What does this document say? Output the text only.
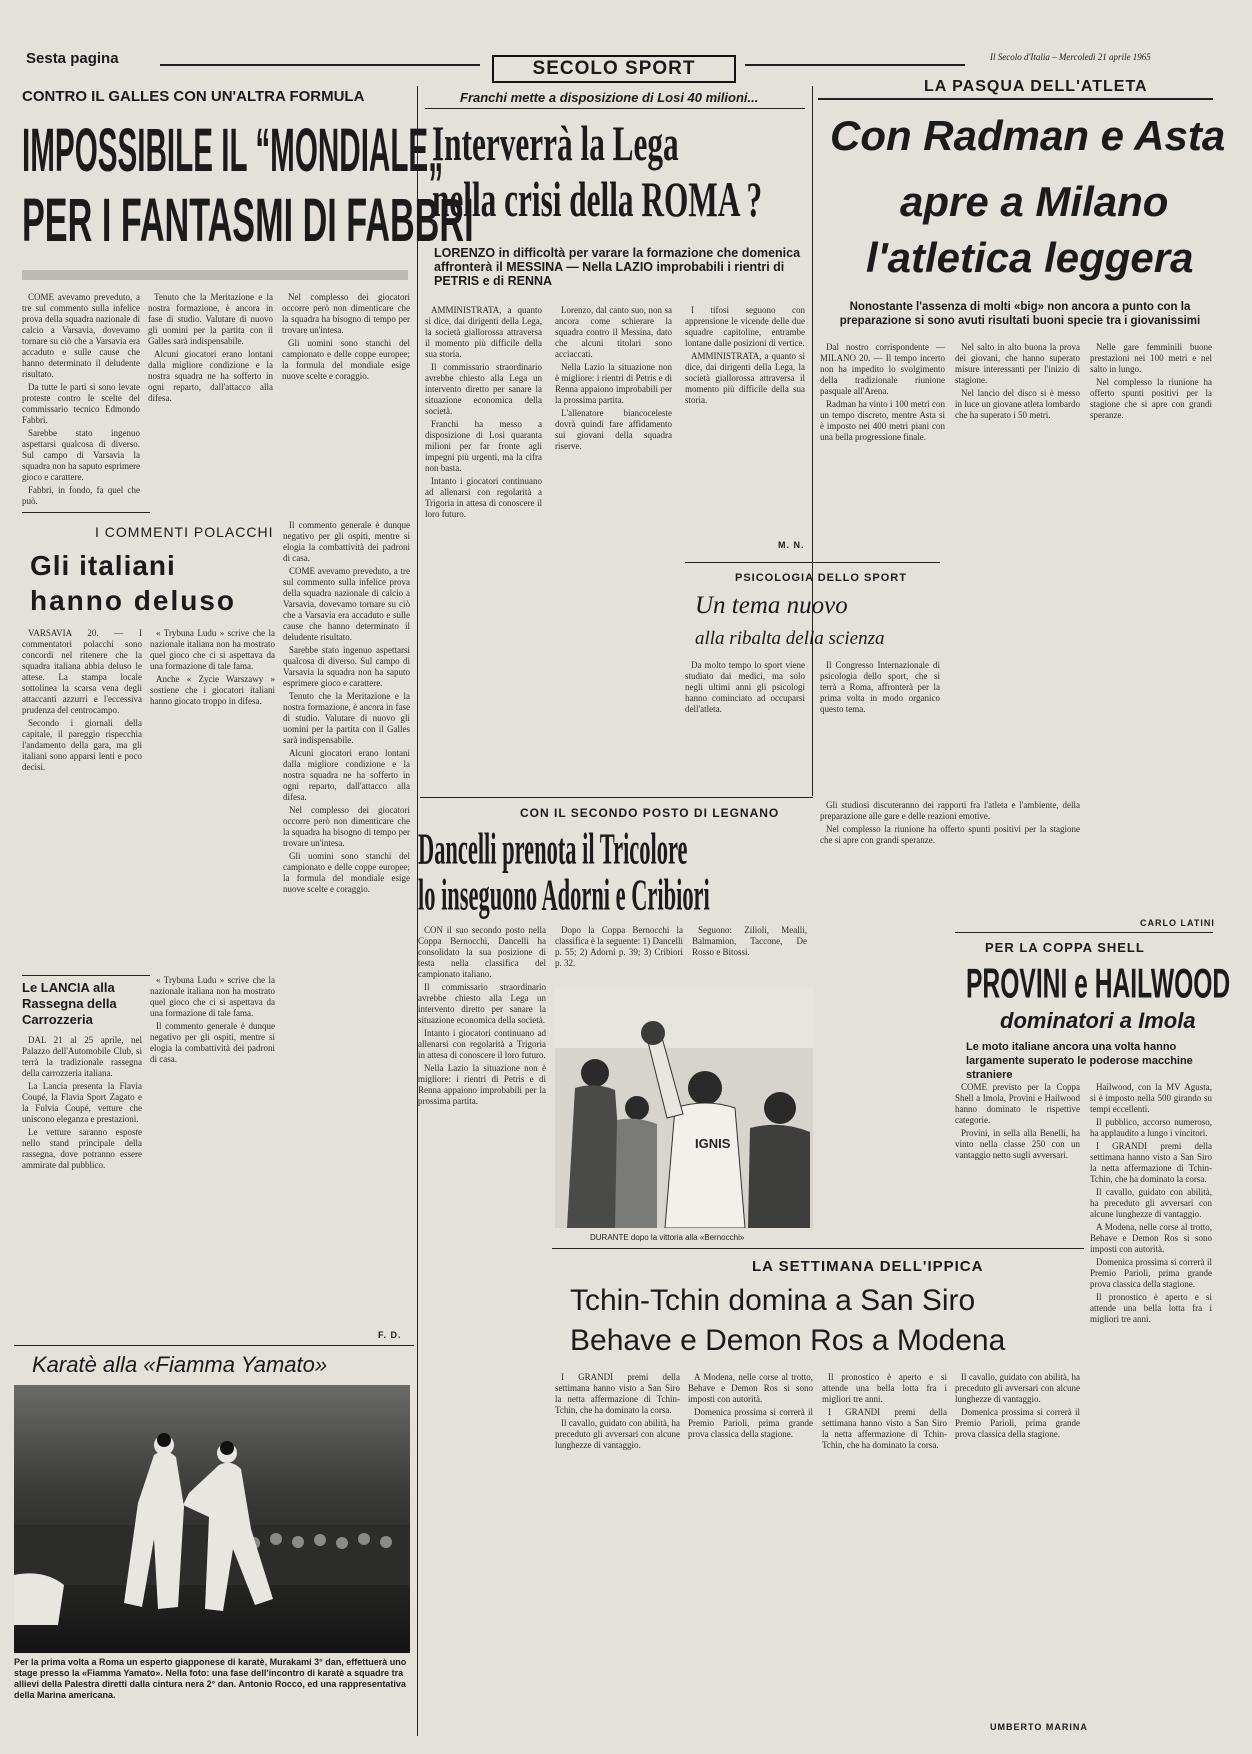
Sesta pagina	SECOLO SPORT
Il Secolo d'Italia – Mercoledì 21 aprile 1965
CONTRO IL GALLES CON UN'ALTRA FORMULA
IMPOSSIBILE IL “MONDIALE„
PER I FANTASMI DI FABBRI

COME avevamo preveduto, a tre sul commento sulla infelice prova della squadra nazionale di calcio a Varsavia, dovevamo tornare su ciò che a Varsavia era accaduto e sulle cause che hanno determinato il deludente risultato.

Da tutte le parti si sono levate proteste contro le scelte del commissario tecnico Edmondo Fabbri.

Sarebbe stato ingenuo aspettarsi qualcosa di diverso. Sul campo di Varsavia la squadra non ha saputo esprimere gioco e carattere.

Fabbri, in fondo, fa quel che può.

Tenuto che la Meritazione e la nostra formazione, è ancora in fase di studio. Valutare di nuovo gli uomini per la partita con il Galles sarà indispensabile.

Alcuni giocatori erano lontani dalla migliore condizione e la nostra squadra ne ha sofferto in ogni reparto, dall'attacco alla difesa.

Nel complesso dei giocatori occorre però non dimenticare che la squadra ha bisogno di tempo per trovare un'intesa.

Gli uomini sono stanchi del campionato e delle coppe europee; la formula del mondiale esige nuove scelte e coraggio.

I COMMENTI POLACCHI
Gli italiani
hanno deluso

VARSAVIA 20. — I commentatori polacchi sono concordi nel ritenere che la squadra italiana abbia deluso le attese. La stampa locale sottolinea la scarsa vena degli attaccanti azzurri e l'eccessiva prudenza del centrocampo.

Secondo i giornali della capitale, il pareggio rispecchia l'andamento della gara, ma gli italiani sono apparsi lenti e poco decisi.

« Trybuna Ludu » scrive che la nazionale italiana non ha mostrato quel gioco che ci si aspettava da una formazione di tale fama.

Anche « Zycie Warszawy » sostiene che i giocatori italiani hanno giocato troppo in difesa.

Il commento generale è dunque negativo per gli ospiti, mentre si elogia la combattività dei padroni di casa.

COME avevamo preveduto, a tre sul commento sulla infelice prova della squadra nazionale di calcio a Varsavia, dovevamo tornare su ciò che a Varsavia era accaduto e sulle cause che hanno determinato il deludente risultato.

Sarebbe stato ingenuo aspettarsi qualcosa di diverso. Sul campo di Varsavia la squadra non ha saputo esprimere gioco e carattere.

Tenuto che la Meritazione e la nostra formazione, è ancora in fase di studio. Valutare di nuovo gli uomini per la partita con il Galles sarà indispensabile.

Alcuni giocatori erano lontani dalla migliore condizione e la nostra squadra ne ha sofferto in ogni reparto, dall'attacco alla difesa.

Nel complesso dei giocatori occorre però non dimenticare che la squadra ha bisogno di tempo per trovare un'intesa.

Gli uomini sono stanchi del campionato e delle coppe europee; la formula del mondiale esige nuove scelte e coraggio.

F. D.
Le LANCIA alla Rassegna della Carrozzeria

DAL 21 al 25 aprile, nel Palazzo dell'Automobile Club, si terrà la tradizionale rassegna della carrozzeria italiana.

La Lancia presenta la Flavia Coupé, la Flavia Sport Zagato e la Fulvia Coupé, vetture che uniscono eleganza e prestazioni.

Le vetture saranno esposte nello stand principale della rassegna, dove potranno essere ammirate dal pubblico.

« Trybuna Ludu » scrive che la nazionale italiana non ha mostrato quel gioco che ci si aspettava da una formazione di tale fama.

Il commento generale è dunque negativo per gli ospiti, mentre si elogia la combattività dei padroni di casa.

Karatè alla «Fiamma Yamato»
Per la prima volta a Roma un esperto giapponese di karatè, Murakami 3° dan, effettuerà uno stage presso la «Fiamma Yamato». Nella foto: una fase dell'incontro di karatè a squadre tra allievi della Palestra diretti dalla cintura nera 2° dan. Antonio Rocco, ed una rappresentativa della Marina americana.
Franchi mette a disposizione di Losi 40 milioni...
Interverrà la Lega
nella crisi della ROMA ?
LORENZO in difficoltà per varare la formazione che domenica affronterà il MESSINA — Nella LAZIO improbabili i rientri di PETRIS e di RENNA

AMMINISTRATA, a quanto si dice, dai dirigenti della Lega, la società giallorossa attraversa il momento più difficile della sua storia.

Il commissario straordinario avrebbe chiesto alla Lega un intervento diretto per sanare la situazione economica della società.

Franchi ha messo a disposizione di Losi quaranta milioni per far fronte agli impegni più urgenti, ma la cifra non basta.

Intanto i giocatori continuano ad allenarsi con regolarità a Trigoria in attesa di conoscere il loro futuro.

Lorenzo, dal canto suo, non sa ancora come schierare la squadra contro il Messina, dato che alcuni titolari sono acciaccati.

Nella Lazio la situazione non è migliore: i rientri di Petris e di Renna appaiono improbabili per la prossima partita.

L'allenatore biancoceleste dovrà quindi fare affidamento sui giovani della squadra riserve.

I tifosi seguono con apprensione le vicende delle due squadre capitoline, entrambe lontane dalle posizioni di vertice.

AMMINISTRATA, a quanto si dice, dai dirigenti della Lega, la società giallorossa attraversa il momento più difficile della sua storia.

M. N.
PSICOLOGIA DELLO SPORT
Un tema nuovo
alla ribalta della scienza

Da molto tempo lo sport viene studiato dai medici, ma solo negli ultimi anni gli psicologi hanno cominciato ad occuparsi dell'atleta.

Il Congresso Internazionale di psicologia dello sport, che si terrà a Roma, affronterà per la prima volta in modo organico questo tema.

CON IL SECONDO POSTO DI LEGNANO
Dancelli prenota il Tricolore
lo inseguono Adorni e Cribiori

CON il suo secondo posto nella Coppa Bernocchi, Dancelli ha consolidato la sua posizione di testa nella classifica del campionato italiano.

Il commissario straordinario avrebbe chiesto alla Lega un intervento diretto per sanare la situazione economica della società.

Intanto i giocatori continuano ad allenarsi con regolarità a Trigoria in attesa di conoscere il loro futuro.

Nella Lazio la situazione non è migliore: i rientri di Petris e di Renna appaiono improbabili per la prossima partita.

Dopo la Coppa Bernocchi la classifica è la seguente: 1) Dancelli p. 55; 2) Adorni p. 39; 3) Cribiori p. 32.

Seguono: Zilioli, Mealli, Balmamion, Taccone, De Rosso e Bitossi.

IGNIS
DURANTE dopo la vittoria alla «Bernocchi»
LA PASQUA DELL'ATLETA
Con Radman e Asta
apre a Milano
l'atletica leggera
Nonostante l'assenza di molti «big» non ancora a punto con la preparazione si sono avuti risultati buoni specie tra i giovanissimi

Dal nostro corrispondente — MILANO 20. — Il tempo incerto non ha impedito lo svolgimento della tradizionale riunione pasquale all'Arena.

Radman ha vinto i 100 metri con un tempo discreto, mentre Asta si è imposto nei 400 metri piani con una bella progressione finale.

Nel salto in alto buona la prova dei giovani, che hanno superato misure interessanti per l'inizio di stagione.

Nel lancio del disco si è messo in luce un giovane atleta lombardo che ha superato i 50 metri.

Nelle gare femminili buone prestazioni nei 100 metri e nel salto in lungo.

Nel complesso la riunione ha offerto spunti positivi per la stagione che si apre con grandi speranze.

CARLO LATINI

Gli studiosi discuteranno dei rapporti fra l'atleta e l'ambiente, della preparazione alle gare e delle reazioni emotive.

Nel complesso la riunione ha offerto spunti positivi per la stagione che si apre con grandi speranze.

PER LA COPPA SHELL
PROVINI e HAILWOOD
dominatori a Imola
Le moto italiane ancora una volta hanno largamente superato le poderose macchine straniere

COME previsto per la Coppa Shell a Imola, Provini e Hailwood hanno dominato le rispettive categorie.

Provini, in sella alla Benelli, ha vinto nella classe 250 con un vantaggio netto sugli avversari.

Hailwood, con la MV Agusta, si è imposto nella 500 girando su tempi eccellenti.

Il pubblico, accorso numeroso, ha applaudito a lungo i vincitori.

I GRANDI premi della settimana hanno visto a San Siro la netta affermazione di Tchin-Tchin, che ha dominato la corsa.

Il cavallo, guidato con abilità, ha preceduto gli avversari con alcune lunghezze di vantaggio.

A Modena, nelle corse al trotto, Behave e Demon Ros si sono imposti con autorità.

Domenica prossima si correrà il Premio Parioli, prima grande prova classica della stagione.

Il pronostico è aperto e si attende una bella lotta fra i migliori tre anni.

LA SETTIMANA DELL'IPPICA
Tchin-Tchin domina a San Siro
Behave e Demon Ros a Modena

I GRANDI premi della settimana hanno visto a San Siro la netta affermazione di Tchin-Tchin, che ha dominato la corsa.

Il cavallo, guidato con abilità, ha preceduto gli avversari con alcune lunghezze di vantaggio.

A Modena, nelle corse al trotto, Behave e Demon Ros si sono imposti con autorità.

Domenica prossima si correrà il Premio Parioli, prima grande prova classica della stagione.

Il pronostico è aperto e si attende una bella lotta fra i migliori tre anni.

I GRANDI premi della settimana hanno visto a San Siro la netta affermazione di Tchin-Tchin, che ha dominato la corsa.

Il cavallo, guidato con abilità, ha preceduto gli avversari con alcune lunghezze di vantaggio.

Domenica prossima si correrà il Premio Parioli, prima grande prova classica della stagione.

UMBERTO MARINA
